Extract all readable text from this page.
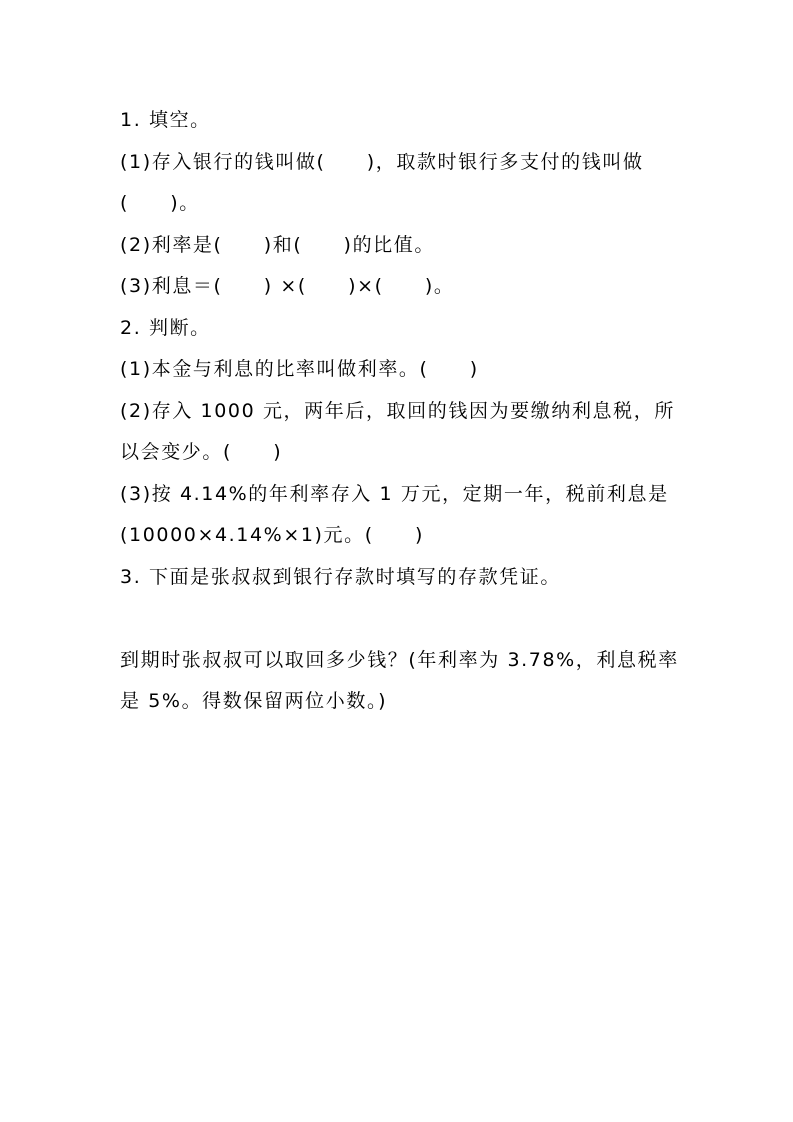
1. 填空。
(1)存入银行的钱叫做(　　)，取款时银行多支付的钱叫做
(　　)。
(2)利率是(　　)和(　　)的比值。
(3)利息＝(　　) ×(　　)×(　　)。
2. 判断。
(1)本金与利息的比率叫做利率。(　　)
(2)存入 1000 元，两年后，取回的钱因为要缴纳利息税，所
以会变少。(　　)
(3)按 4.14%的年利率存入 1 万元，定期一年，税前利息是
(10000×4.14%×1)元。(　　)
3. 下面是张叔叔到银行存款时填写的存款凭证。
到期时张叔叔可以取回多少钱？(年利率为 3.78%，利息税率
是 5%。得数保留两位小数。)
